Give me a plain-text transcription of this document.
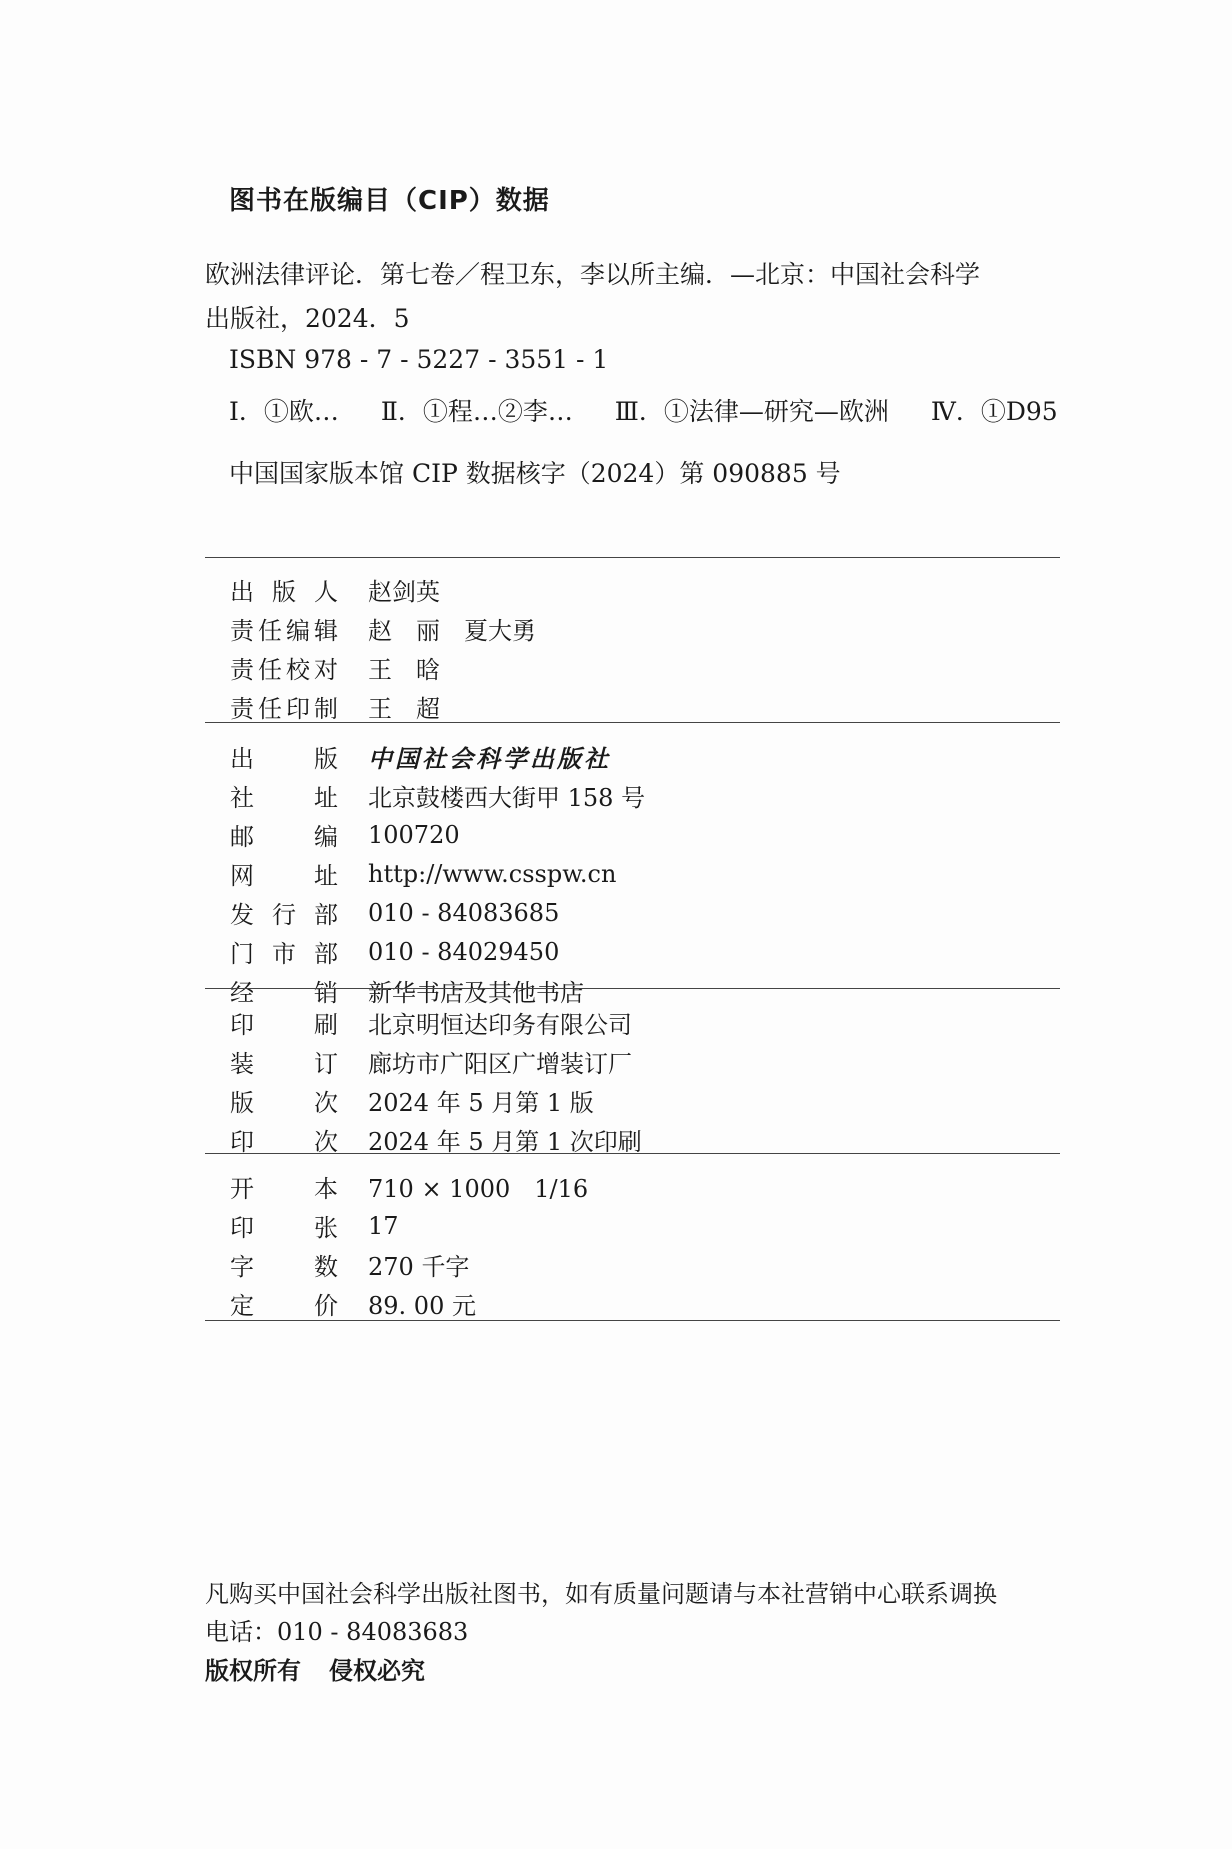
图书在版编目（CIP）数据
欧洲法律评论．第七卷／程卫东，李以所主编．—北京：中国社会科学
出版社，2024．5
ISBN 978 - 7 - 5227 - 3551 - 1
Ⅰ．①欧… Ⅱ．①程…②李… Ⅲ．①法律—研究—欧洲 Ⅳ．①D95
中国国家版本馆 CIP 数据核字（2024）第 090885 号
出 版 人 赵剑英
责 任 编 辑 赵　丽　夏大勇
责 任 校 对 王　晗
责 任 印 制 王　超
出	版 中国社会科学出版社
社	址 北京鼓楼西大街甲 158 号
邮	编 100720
网	址 http://www.csspw.cn
发 行 部 010 - 84083685
门 市 部 010 - 84029450
经	销 新华书店及其他书店
印	刷 北京明恒达印务有限公司
装	订 廊坊市广阳区广增装订厂
版	次 2024 年 5 月第 1 版
印	次 2024 年 5 月第 1 次印刷
开	本 710 × 1000　1/16
印	张 17
字	数 270 千字
定	价 89. 00 元
凡购买中国社会科学出版社图书，如有质量问题请与本社营销中心联系调换
电话：010 - 84083683
版权所有 侵权必究
